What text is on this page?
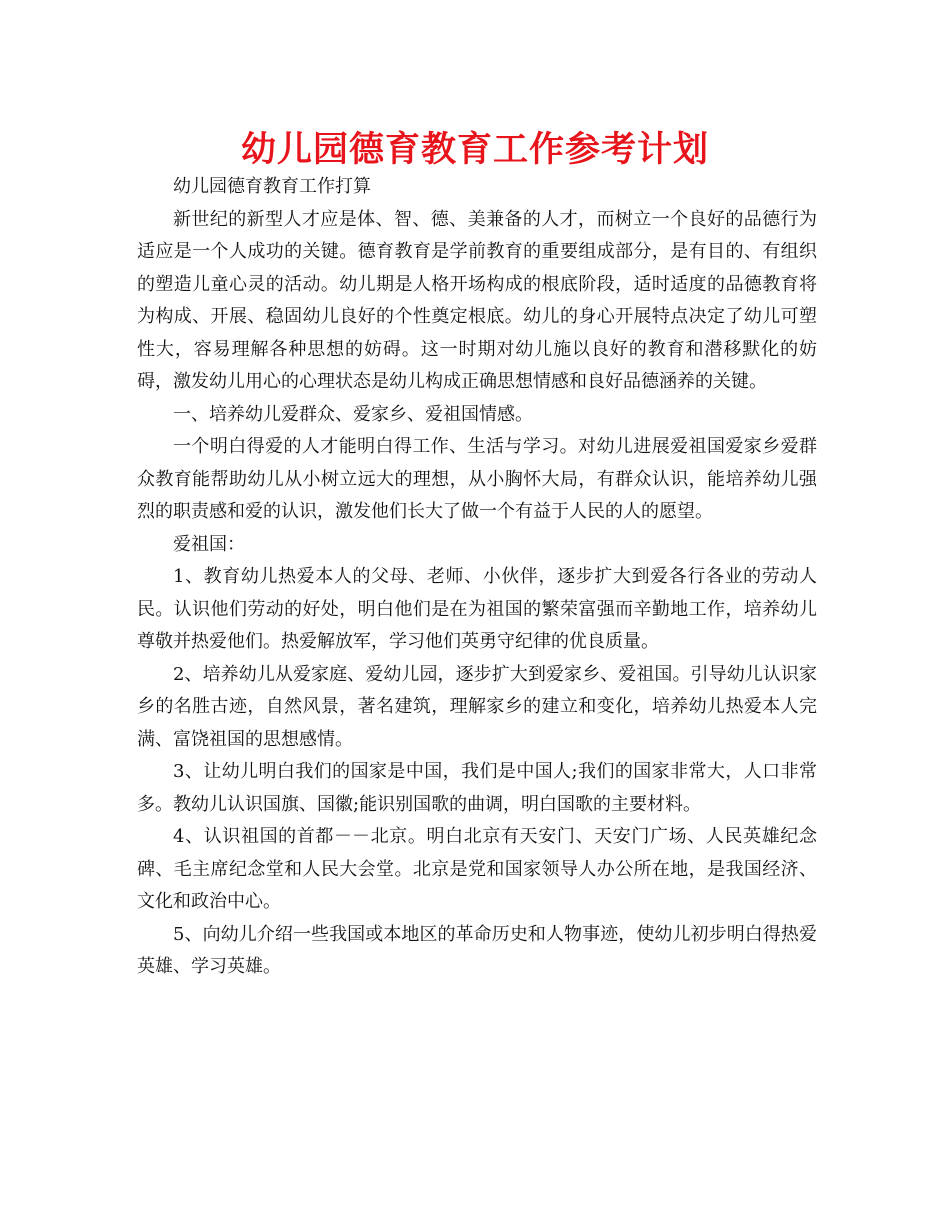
幼儿园德育教育工作参考计划

幼儿园德育教育工作打算

新世纪的新型人才应是体、智、德、美兼备的人才，而树立一个良好的品德行为适应是一个人成功的关键。德育教育是学前教育的重要组成部分，是有目的、有组织的塑造儿童心灵的活动。幼儿期是人格开场构成的根底阶段，适时适度的品德教育将为构成、开展、稳固幼儿良好的个性奠定根底。幼儿的身心开展特点决定了幼儿可塑性大，容易理解各种思想的妨碍。这一时期对幼儿施以良好的教育和潜移默化的妨碍，激发幼儿用心的心理状态是幼儿构成正确思想情感和良好品德涵养的关键。

一、培养幼儿爱群众、爱家乡、爱祖国情感。

一个明白得爱的人才能明白得工作、生活与学习。对幼儿进展爱祖国爱家乡爱群众教育能帮助幼儿从小树立远大的理想，从小胸怀大局，有群众认识，能培养幼儿强烈的职责感和爱的认识，激发他们长大了做一个有益于人民的人的愿望。

爱祖国：

1、教育幼儿热爱本人的父母、老师、小伙伴，逐步扩大到爱各行各业的劳动人民。认识他们劳动的好处，明白他们是在为祖国的繁荣富强而辛勤地工作，培养幼儿尊敬并热爱他们。热爱解放军，学习他们英勇守纪律的优良质量。

2、培养幼儿从爱家庭、爱幼儿园，逐步扩大到爱家乡、爱祖国。引导幼儿认识家乡的名胜古迹，自然风景，著名建筑，理解家乡的建立和变化，培养幼儿热爱本人完满、富饶祖国的思想感情。

3、让幼儿明白我们的国家是中国，我们是中国人;我们的国家非常大，人口非常多。教幼儿认识国旗、国徽;能识别国歌的曲调，明白国歌的主要材料。

4、认识祖国的首都－－北京。明白北京有天安门、天安门广场、人民英雄纪念碑、毛主席纪念堂和人民大会堂。北京是党和国家领导人办公所在地，是我国经济、文化和政治中心。

5、向幼儿介绍一些我国或本地区的革命历史和人物事迹，使幼儿初步明白得热爱英雄、学习英雄。
